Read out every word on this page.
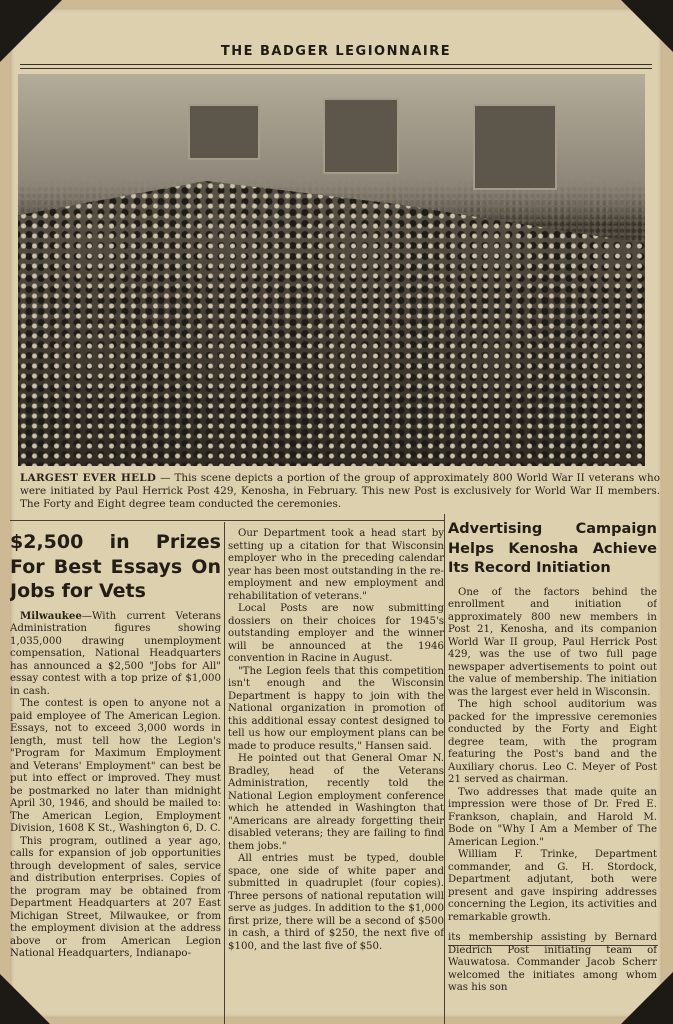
THE BADGER LEGIONNAIRE
LARGEST EVER HELD — This scene depicts a portion of the group of approximately 800 World War II veterans who were initiated by Paul Herrick Post 429, Kenosha, in February. This new Post is exclusively for World War II members. The Forty and Eight degree team conducted the ceremonies.
$2,500 in Prizes For Best Essays On Jobs for Vets

Milwaukee—With current Veterans Administration figures showing 1,035,000 drawing unemployment compensation, National Headquarters has announced a $2,500 "Jobs for All" essay contest with a top prize of $1,000 in cash.

The contest is open to anyone not a paid employee of The American Legion. Essays, not to exceed 3,000 words in length, must tell how the Legion's "Program for Maximum Employment and Veterans' Employment" can best be put into effect or improved. They must be postmarked no later than midnight April 30, 1946, and should be mailed to: The American Legion, Employment Division, 1608 K St., Washington 6, D. C.

This program, outlined a year ago, calls for expansion of job opportunities through development of sales, service and distribution enterprises. Copies of the program may be obtained from Department Headquarters at 207 East Michigan Street, Milwaukee, or from the employment division at the address above or from American Legion National Headquarters, Indianapo-

Our Department took a head start by setting up a citation for that Wisconsin employer who in the preceding calendar year has been most outstanding in the re-employment and new employment and rehabilitation of veterans."

Local Posts are now submitting dossiers on their choices for 1945's outstanding employer and the winner will be announced at the 1946 convention in Racine in August.

"The Legion feels that this competition isn't enough and the Wisconsin Department is happy to join with the National organization in promotion of this additional essay contest designed to tell us how our employment plans can be made to produce results," Hansen said.

He pointed out that General Omar N. Bradley, head of the Veterans Administration, recently told the National Legion employment conference which he attended in Washington that "Americans are already forgetting their disabled veterans; they are failing to find them jobs."

All entries must be typed, double space, one side of white paper and submitted in quadruplet (four copies). Three persons of national reputation will serve as judges. In addition to the $1,000 first prize, there will be a second of $500 in cash, a third of $250, the next five of $100, and the last five of $50.

Advertising Campaign Helps Kenosha Achieve Its Record Initiation

One of the factors behind the enrollment and initiation of approximately 800 new members in Post 21, Kenosha, and its companion World War II group, Paul Herrick Post 429, was the use of two full page newspaper advertisements to point out the value of membership. The initiation was the largest ever held in Wisconsin.

The high school auditorium was packed for the impressive ceremonies conducted by the Forty and Eight degree team, with the program featuring the Post's band and the Auxiliary chorus. Leo C. Meyer of Post 21 served as chairman.

Two addresses that made quite an impression were those of Dr. Fred E. Frankson, chaplain, and Harold M. Bode on "Why I Am a Member of The American Legion."

William F. Trinke, Department commander, and G. H. Stordock, Department adjutant, both were present and gave inspiring addresses concerning the Legion, its activities and remarkable growth.

its membership assisting by Bernard Diedrich Post initiating team of Wauwatosa. Commander Jacob Scherr welcomed the initiates among whom was his son
